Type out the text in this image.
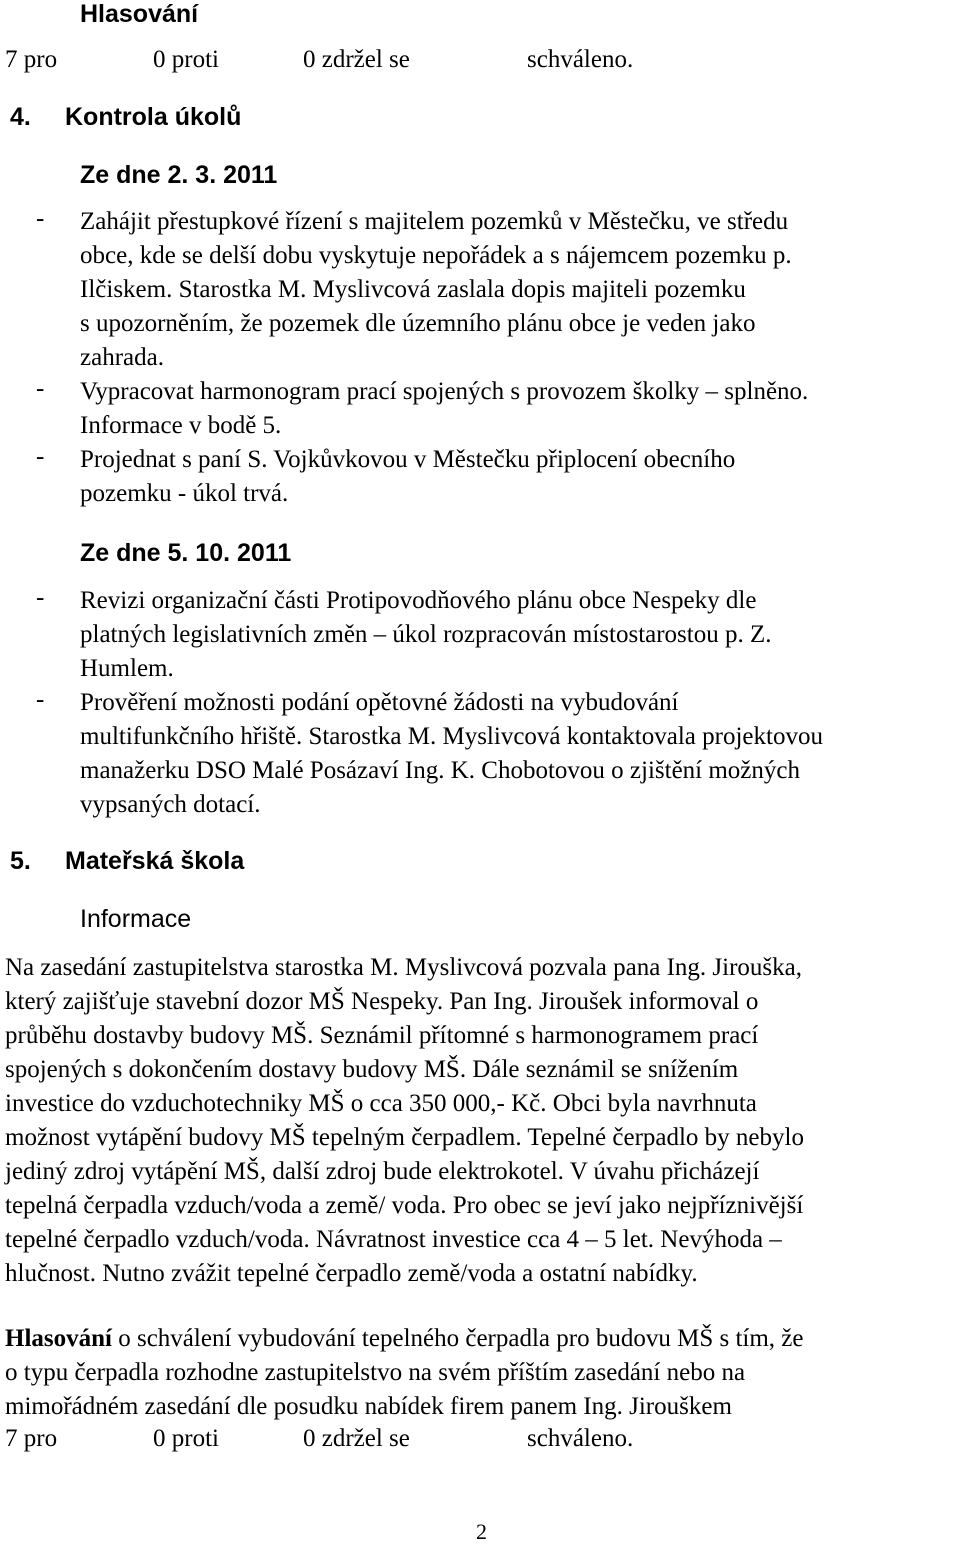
Hlasování
7 pro	0 proti	0 zdržel se	schváleno.
4. Kontrola úkolů
Ze dne 2. 3. 2011
- Zahájit přestupkové řízení s majitelem pozemků v Městečku, ve středu
obce, kde se delší dobu vyskytuje nepořádek a s nájemcem pozemku p.
Ilčiskem. Starostka M. Myslivcová zaslala dopis majiteli pozemku
s upozorněním, že pozemek dle územního plánu obce je veden jako
zahrada.
- Vypracovat harmonogram prací spojených s provozem školky – splněno.
Informace v bodě 5.
- Projednat s paní S. Vojkůvkovou v Městečku připlocení obecního
pozemku - úkol trvá.
Ze dne 5. 10. 2011
- Revizi organizační části Protipovodňového plánu obce Nespeky dle
platných legislativních změn – úkol rozpracován místostarostou p. Z.
Humlem.
- Prověření možnosti podání opětovné žádosti na vybudování
multifunkčního hřiště. Starostka M. Myslivcová kontaktovala projektovou
manažerku DSO Malé Posázaví Ing. K. Chobotovou o zjištění možných
vypsaných dotací.
5. Mateřská škola
Informace
Na zasedání zastupitelstva starostka M. Myslivcová pozvala pana Ing. Jirouška,
který zajišťuje stavební dozor MŠ Nespeky. Pan Ing. Jiroušek informoval o
průběhu dostavby budovy MŠ. Seznámil přítomné s harmonogramem prací
spojených s dokončením dostavy budovy MŠ. Dále seznámil se snížením
investice do vzduchotechniky MŠ o cca 350 000,- Kč. Obci byla navrhnuta
možnost vytápění budovy MŠ tepelným čerpadlem. Tepelné čerpadlo by nebylo
jediný zdroj vytápění MŠ, další zdroj bude elektrokotel. V úvahu přicházejí
tepelná čerpadla vzduch/voda a země/ voda. Pro obec se jeví jako nejpříznivější
tepelné čerpadlo vzduch/voda. Návratnost investice cca 4 – 5 let. Nevýhoda –
hlučnost. Nutno zvážit tepelné čerpadlo země/voda a ostatní nabídky.
Hlasování o schválení vybudování tepelného čerpadla pro budovu MŠ s tím, že
o typu čerpadla rozhodne zastupitelstvo na svém příštím zasedání nebo na
mimořádném zasedání dle posudku nabídek firem panem Ing. Jirouškem
7 pro	0 proti	0 zdržel se	schváleno.
2
